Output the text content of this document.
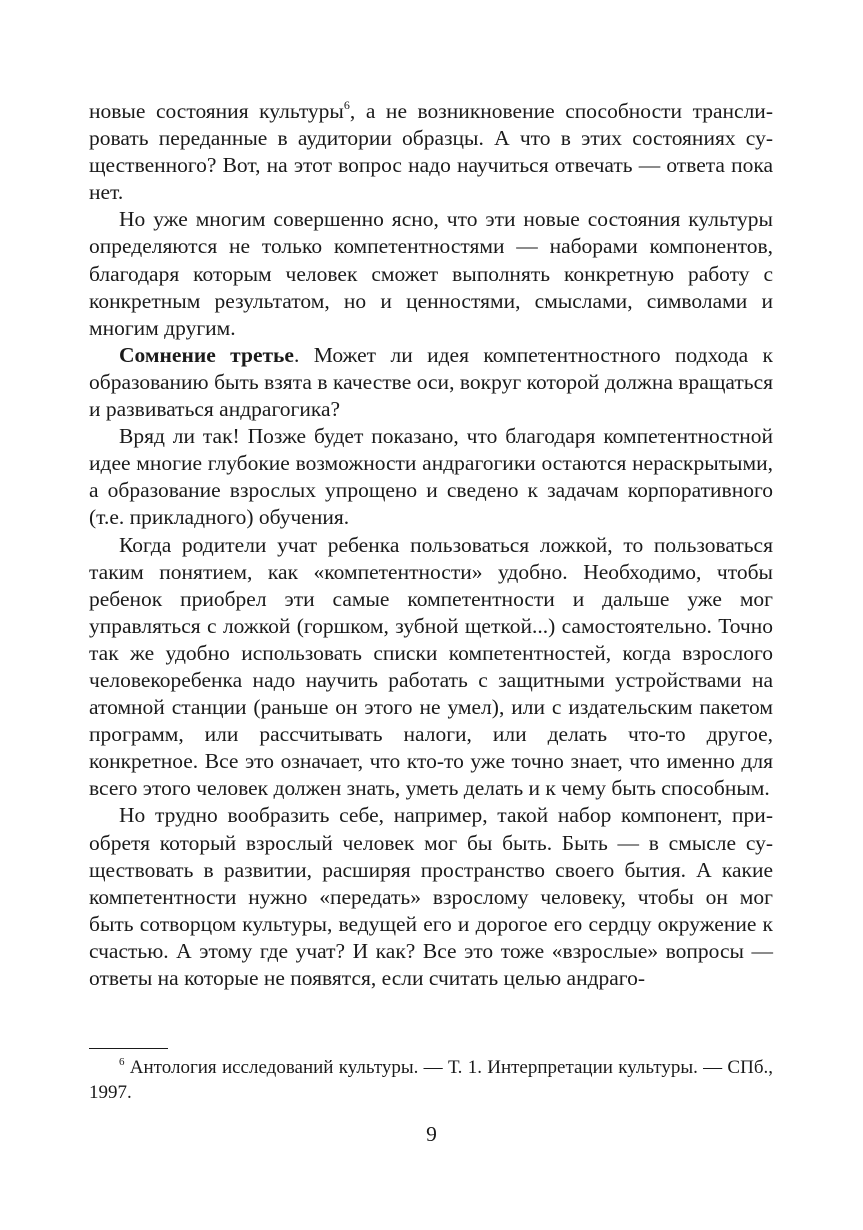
новые состояния культуры$^6$, а не возникновение способности транслировать переданные в аудитории образцы. А что в этих состояниях существенного? Вот, на этот вопрос надо научиться отвечать — ответа пока нет.

Но уже многим совершенно ясно, что эти новые состояния культуры определяются не только компетентностями — наборами компонентов, благодаря которым человек сможет выполнять конкретную работу с конкретным результатом, но и ценностями, смыслами, символами и многим другим.

Сомнение третье. Может ли идея компетентностного подхода к образованию быть взята в качестве оси, вокруг которой должна вращаться и развиваться андрагогика?

Вряд ли так! Позже будет показано, что благодаря компетентностной идее многие глубокие возможности андрагогики остаются нераскрытыми, а образование взрослых упрощено и сведено к задачам корпоративного (т.е. прикладного) обучения.

Когда родители учат ребенка пользоваться ложкой, то пользоваться таким понятием, как «компетентности» удобно. Необходимо, чтобы ребенок приобрел эти самые компетентности и дальше уже мог управляться с ложкой (горшком, зубной щеткой...) самостоятельно. Точно так же удобно использовать списки компетентностей, когда взрослого человекоребенка надо научить работать с защитными устройствами на атомной станции (раньше он этого не умел), или с издательским пакетом программ, или рассчитывать налоги, или делать что-то другое, конкретное. Все это означает, что кто-то уже точно знает, что именно для всего этого человек должен знать, уметь делать и к чему быть способным.

Но трудно вообразить себе, например, такой набор компонент, приобретя который взрослый человек мог бы быть. Быть — в смысле существовать в развитии, расширяя пространство своего бытия. А какие компетентности нужно «передать» взрослому человеку, чтобы он мог быть сотворцом культуры, ведущей его и дорогое его сердцу окружение к счастью. А этому где учат? И как? Все это тоже «взрослые» вопросы — ответы на которые не появятся, если считать целью андраго-

$^6$ Антология исследований культуры. — Т. 1. Интерпретации культуры. — СПб., 1997.

9
